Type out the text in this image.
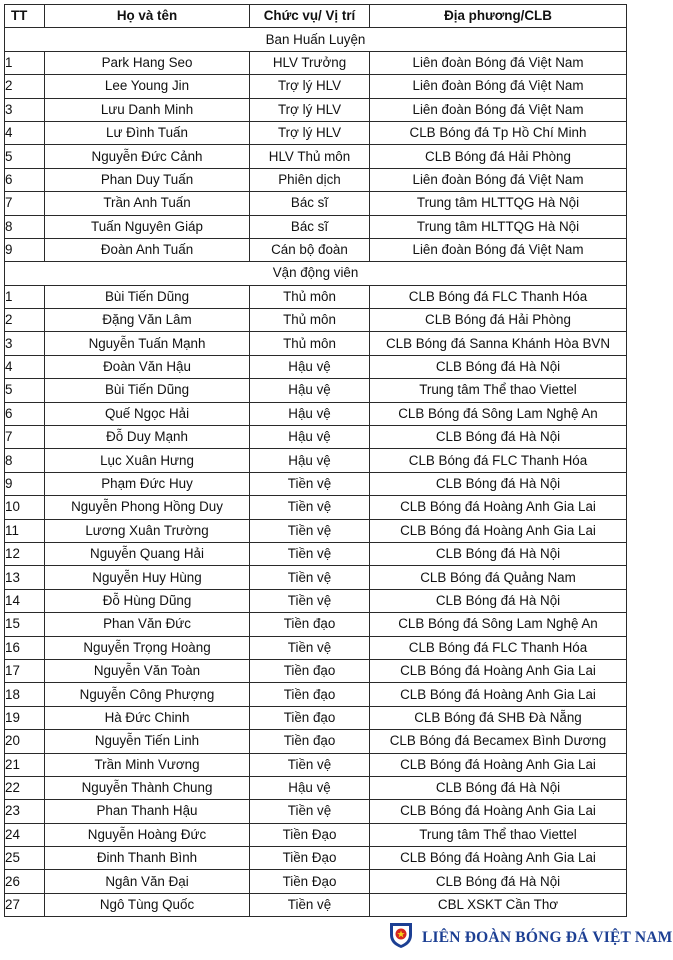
TT	Họ và tên	Chức vụ/ Vị trí	Địa phương/CLB
Ban Huấn Luyện			
1	Park Hang Seo	HLV Trưởng	Liên đoàn Bóng đá Việt Nam
2	Lee Young Jin	Trợ lý HLV	Liên đoàn Bóng đá Việt Nam
3	Lưu Danh Minh	Trợ lý HLV	Liên đoàn Bóng đá Việt Nam
4	Lư Đình Tuấn	Trợ lý HLV	CLB Bóng đá Tp Hồ Chí Minh
5	Nguyễn Đức Cảnh	HLV Thủ môn	CLB Bóng đá Hải Phòng
6	Phan Duy Tuấn	Phiên dịch	Liên đoàn Bóng đá Việt Nam
7	Trần Anh Tuấn	Bác sĩ	Trung tâm HLTTQG Hà Nội
8	Tuấn Nguyên Giáp	Bác sĩ	Trung tâm HLTTQG Hà Nội
9	Đoàn Anh Tuấn	Cán bộ đoàn	Liên đoàn Bóng đá Việt Nam
Vận động viên			
1	Bùi Tiến Dũng	Thủ môn	CLB Bóng đá FLC Thanh Hóa
2	Đặng Văn Lâm	Thủ môn	CLB Bóng đá Hải Phòng
3	Nguyễn Tuấn Mạnh	Thủ môn	CLB Bóng đá Sanna Khánh Hòa BVN
4	Đoàn Văn Hậu	Hậu vệ	CLB Bóng đá Hà Nội
5	Bùi Tiến Dũng	Hậu vệ	Trung tâm Thể thao Viettel
6	Quế Ngọc Hải	Hậu vệ	CLB Bóng đá Sông Lam Nghệ An
7	Đỗ Duy Mạnh	Hậu vệ	CLB Bóng đá Hà Nội
8	Lục Xuân Hưng	Hậu vệ	CLB Bóng đá FLC Thanh Hóa
9	Phạm Đức Huy	Tiền vệ	CLB Bóng đá Hà Nội
10	Nguyễn Phong Hồng Duy	Tiền vệ	CLB Bóng đá Hoàng Anh Gia Lai
11	Lương Xuân Trường	Tiền vệ	CLB Bóng đá Hoàng Anh Gia Lai
12	Nguyễn Quang Hải	Tiền vệ	CLB Bóng đá Hà Nội
13	Nguyễn Huy Hùng	Tiền vệ	CLB Bóng đá Quảng Nam
14	Đỗ Hùng Dũng	Tiền vệ	CLB Bóng đá Hà Nội
15	Phan Văn Đức	Tiền đạo	CLB Bóng đá Sông Lam Nghệ An
16	Nguyễn Trọng Hoàng	Tiền vệ	CLB Bóng đá FLC Thanh Hóa
17	Nguyễn Văn Toàn	Tiền đạo	CLB Bóng đá Hoàng Anh Gia Lai
18	Nguyễn Công Phượng	Tiền đạo	CLB Bóng đá Hoàng Anh Gia Lai
19	Hà Đức Chinh	Tiền đạo	CLB Bóng đá SHB Đà Nẵng
20	Nguyễn Tiến Linh	Tiền đạo	CLB Bóng đá Becamex Bình Dương
21	Trần Minh Vương	Tiền vệ	CLB Bóng đá Hoàng Anh Gia Lai
22	Nguyễn Thành Chung	Hậu vệ	CLB Bóng đá Hà Nội
23	Phan Thanh Hậu	Tiền vệ	CLB Bóng đá Hoàng Anh Gia Lai
24	Nguyễn Hoàng Đức	Tiền Đạo	Trung tâm Thể thao Viettel
25	Đinh Thanh Bình	Tiền Đạo	CLB Bóng đá Hoàng Anh Gia Lai
26	Ngân Văn Đại	Tiền Đạo	CLB Bóng đá Hà Nội
27	Ngô Tùng Quốc	Tiền vệ	CBL XSKT Cần Thơ
LIÊN ĐOÀN BÓNG ĐÁ VIỆT NAM
